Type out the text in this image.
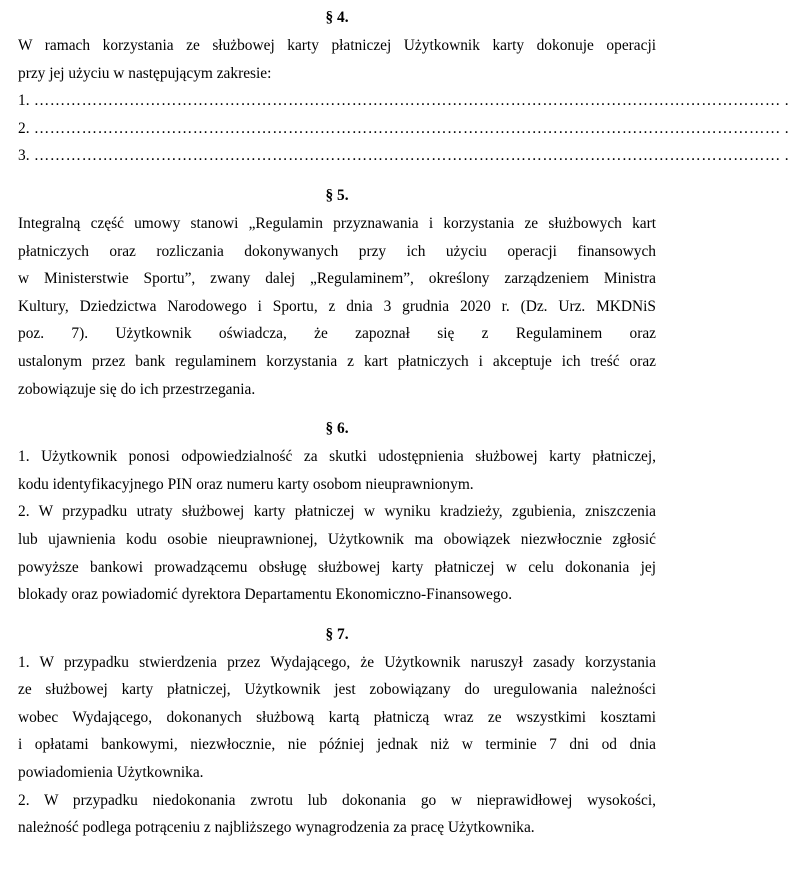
§ 4.
W ramach korzystania ze służbowej karty płatniczej Użytkownik karty dokonuje operacji
przy jej użyciu w następującym zakresie:
1. …………………………………………………………………………………………………………………………… .
2. …………………………………………………………………………………………………………………………… .
3. …………………………………………………………………………………………………………………………… .
§ 5.
Integralną część umowy stanowi „Regulamin przyznawania i korzystania ze służbowych kart
płatniczych oraz rozliczania dokonywanych przy ich użyciu operacji finansowych
w Ministerstwie Sportu”, zwany dalej „Regulaminem”, określony zarządzeniem Ministra
Kultury, Dziedzictwa Narodowego i Sportu, z dnia 3 grudnia 2020 r. (Dz. Urz. MKDNiS
poz. 7). Użytkownik oświadcza, że zapoznał się z Regulaminem oraz
ustalonym przez bank regulaminem korzystania z kart płatniczych i akceptuje ich treść oraz
zobowiązuje się do ich przestrzegania.
§ 6.
1. Użytkownik ponosi odpowiedzialność za skutki udostępnienia służbowej karty płatniczej,
kodu identyfikacyjnego PIN oraz numeru karty osobom nieuprawnionym.
2. W przypadku utraty służbowej karty płatniczej w wyniku kradzieży, zgubienia, zniszczenia
lub ujawnienia kodu osobie nieuprawnionej, Użytkownik ma obowiązek niezwłocznie zgłosić
powyższe bankowi prowadzącemu obsługę służbowej karty płatniczej w celu dokonania jej
blokady oraz powiadomić dyrektora Departamentu Ekonomiczno-Finansowego.
§ 7.
1. W przypadku stwierdzenia przez Wydającego, że Użytkownik naruszył zasady korzystania
ze służbowej karty płatniczej, Użytkownik jest zobowiązany do uregulowania należności
wobec Wydającego, dokonanych służbową kartą płatniczą wraz ze wszystkimi kosztami
i opłatami bankowymi, niezwłocznie, nie później jednak niż w terminie 7 dni od dnia
powiadomienia Użytkownika.
2. W przypadku niedokonania zwrotu lub dokonania go w nieprawidłowej wysokości,
należność podlega potrąceniu z najbliższego wynagrodzenia za pracę Użytkownika.
